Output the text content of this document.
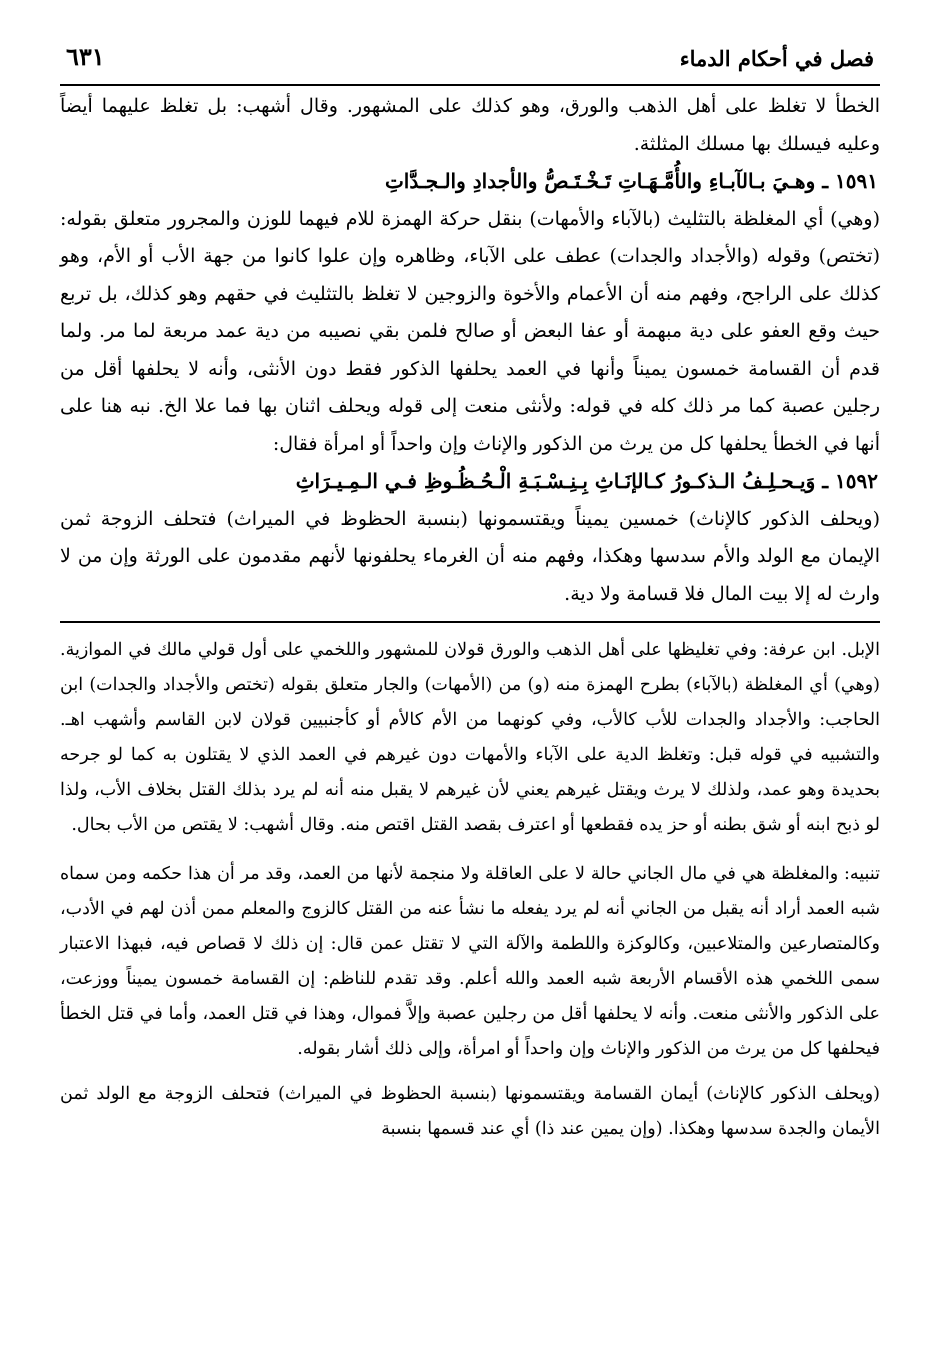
فصل في أحكام الدماء
٦٣١

الخطأ لا تغلظ على أهل الذهب والورق، وهو كذلك على المشهور. وقال أشهب: بل تغلظ عليهما أيضاً وعليه فيسلك بها مسلك المثلثة.

١٥٩١ ـ وهـيَ بـالآبـاءِ والأُمَّـهَـاتِ تَـخْـتَـصُّ والأجدادِ والـجـدَّاتِ

(وهي) أي المغلظة بالتثليث (بالآباء والأمهات) بنقل حركة الهمزة للام فيهما للوزن والمجرور متعلق بقوله: (تختص) وقوله (والأجداد والجدات) عطف على الآباء، وظاهره وإن علوا كانوا من جهة الأب أو الأم، وهو كذلك على الراجح، وفهم منه أن الأعمام والأخوة والزوجين لا تغلظ بالتثليث في حقهم وهو كذلك، بل تربع حيث وقع العفو على دية مبهمة أو عفا البعض أو صالح فلمن بقي نصيبه من دية عمد مربعة لما مر. ولما قدم أن القسامة خمسون يميناً وأنها في العمد يحلفها الذكور فقط دون الأنثى، وأنه لا يحلفها أقل من رجلين عصبة كما مر ذلك كله في قوله: ولأنثى منعت إلى قوله ويحلف اثنان بها فما علا الخ. نبه هنا على أنها في الخطأ يحلفها كل من يرث من الذكور والإناث وإن واحداً أو امرأة فقال:

١٥٩٢ ـ وَيـحـلِـفُ الـذكـورُ كـالإنَـاثِ بِـنِـسْـبَـةِ الْـحُـظُـوظِ فـي الـمِـيـرَاثِ

(ويحلف الذكور كالإناث) خمسين يميناً ويقتسمونها (بنسبة الحظوظ في الميراث) فتحلف الزوجة ثمن الإيمان مع الولد والأم سدسها وهكذا، وفهم منه أن الغرماء يحلفونها لأنهم مقدمون على الورثة وإن من لا وارث له إلا بيت المال فلا قسامة ولا دية.

الإبل. ابن عرفة: وفي تغليظها على أهل الذهب والورق قولان للمشهور واللخمي على أول قولي مالك في الموازية. (وهي) أي المغلظة (بالآباء) بطرح الهمزة منه (و) من (الأمهات) والجار متعلق بقوله (تختص والأجداد والجدات) ابن الحاجب: والأجداد والجدات للأب كالأب، وفي كونهما من الأم كالأم أو كأجنبيين قولان لابن القاسم وأشهب اهـ. والتشبيه في قوله قبل: وتغلظ الدية على الآباء والأمهات دون غيرهم في العمد الذي لا يقتلون به كما لو جرحه بحديدة وهو عمد، ولذلك لا يرث ويقتل غيرهم يعني لأن غيرهم لا يقبل منه أنه لم يرد بذلك القتل بخلاف الأب، ولذا لو ذبح ابنه أو شق بطنه أو حز يده فقطعها أو اعترف بقصد القتل اقتص منه. وقال أشهب: لا يقتص من الأب بحال.

تنبيه: والمغلظة هي في مال الجاني حالة لا على العاقلة ولا منجمة لأنها من العمد، وقد مر أن هذا حكمه ومن سماه شبه العمد أراد أنه يقبل من الجاني أنه لم يرد يفعله ما نشأ عنه من القتل كالزوج والمعلم ممن أذن لهم في الأدب، وكالمتصارعين والمتلاعبين، وكالوكزة واللطمة والآلة التي لا تقتل عمن قال: إن ذلك لا قصاص فيه، فبهذا الاعتبار سمى اللخمي هذه الأقسام الأربعة شبه العمد والله أعلم. وقد تقدم للناظم: إن القسامة خمسون يميناً ووزعت، على الذكور والأنثى منعت. وأنه لا يحلفها أقل من رجلين عصبة وإلاَّ فموال، وهذا في قتل العمد، وأما في قتل الخطأ فيحلفها كل من يرث من الذكور والإناث وإن واحداً أو امرأة، وإلى ذلك أشار بقوله.

(ويحلف الذكور كالإناث) أيمان القسامة ويقتسمونها (بنسبة الحظوظ في الميراث) فتحلف الزوجة مع الولد ثمن الأيمان والجدة سدسها وهكذا. (وإن يمين عند ذا) أي عند قسمها بنسبة
